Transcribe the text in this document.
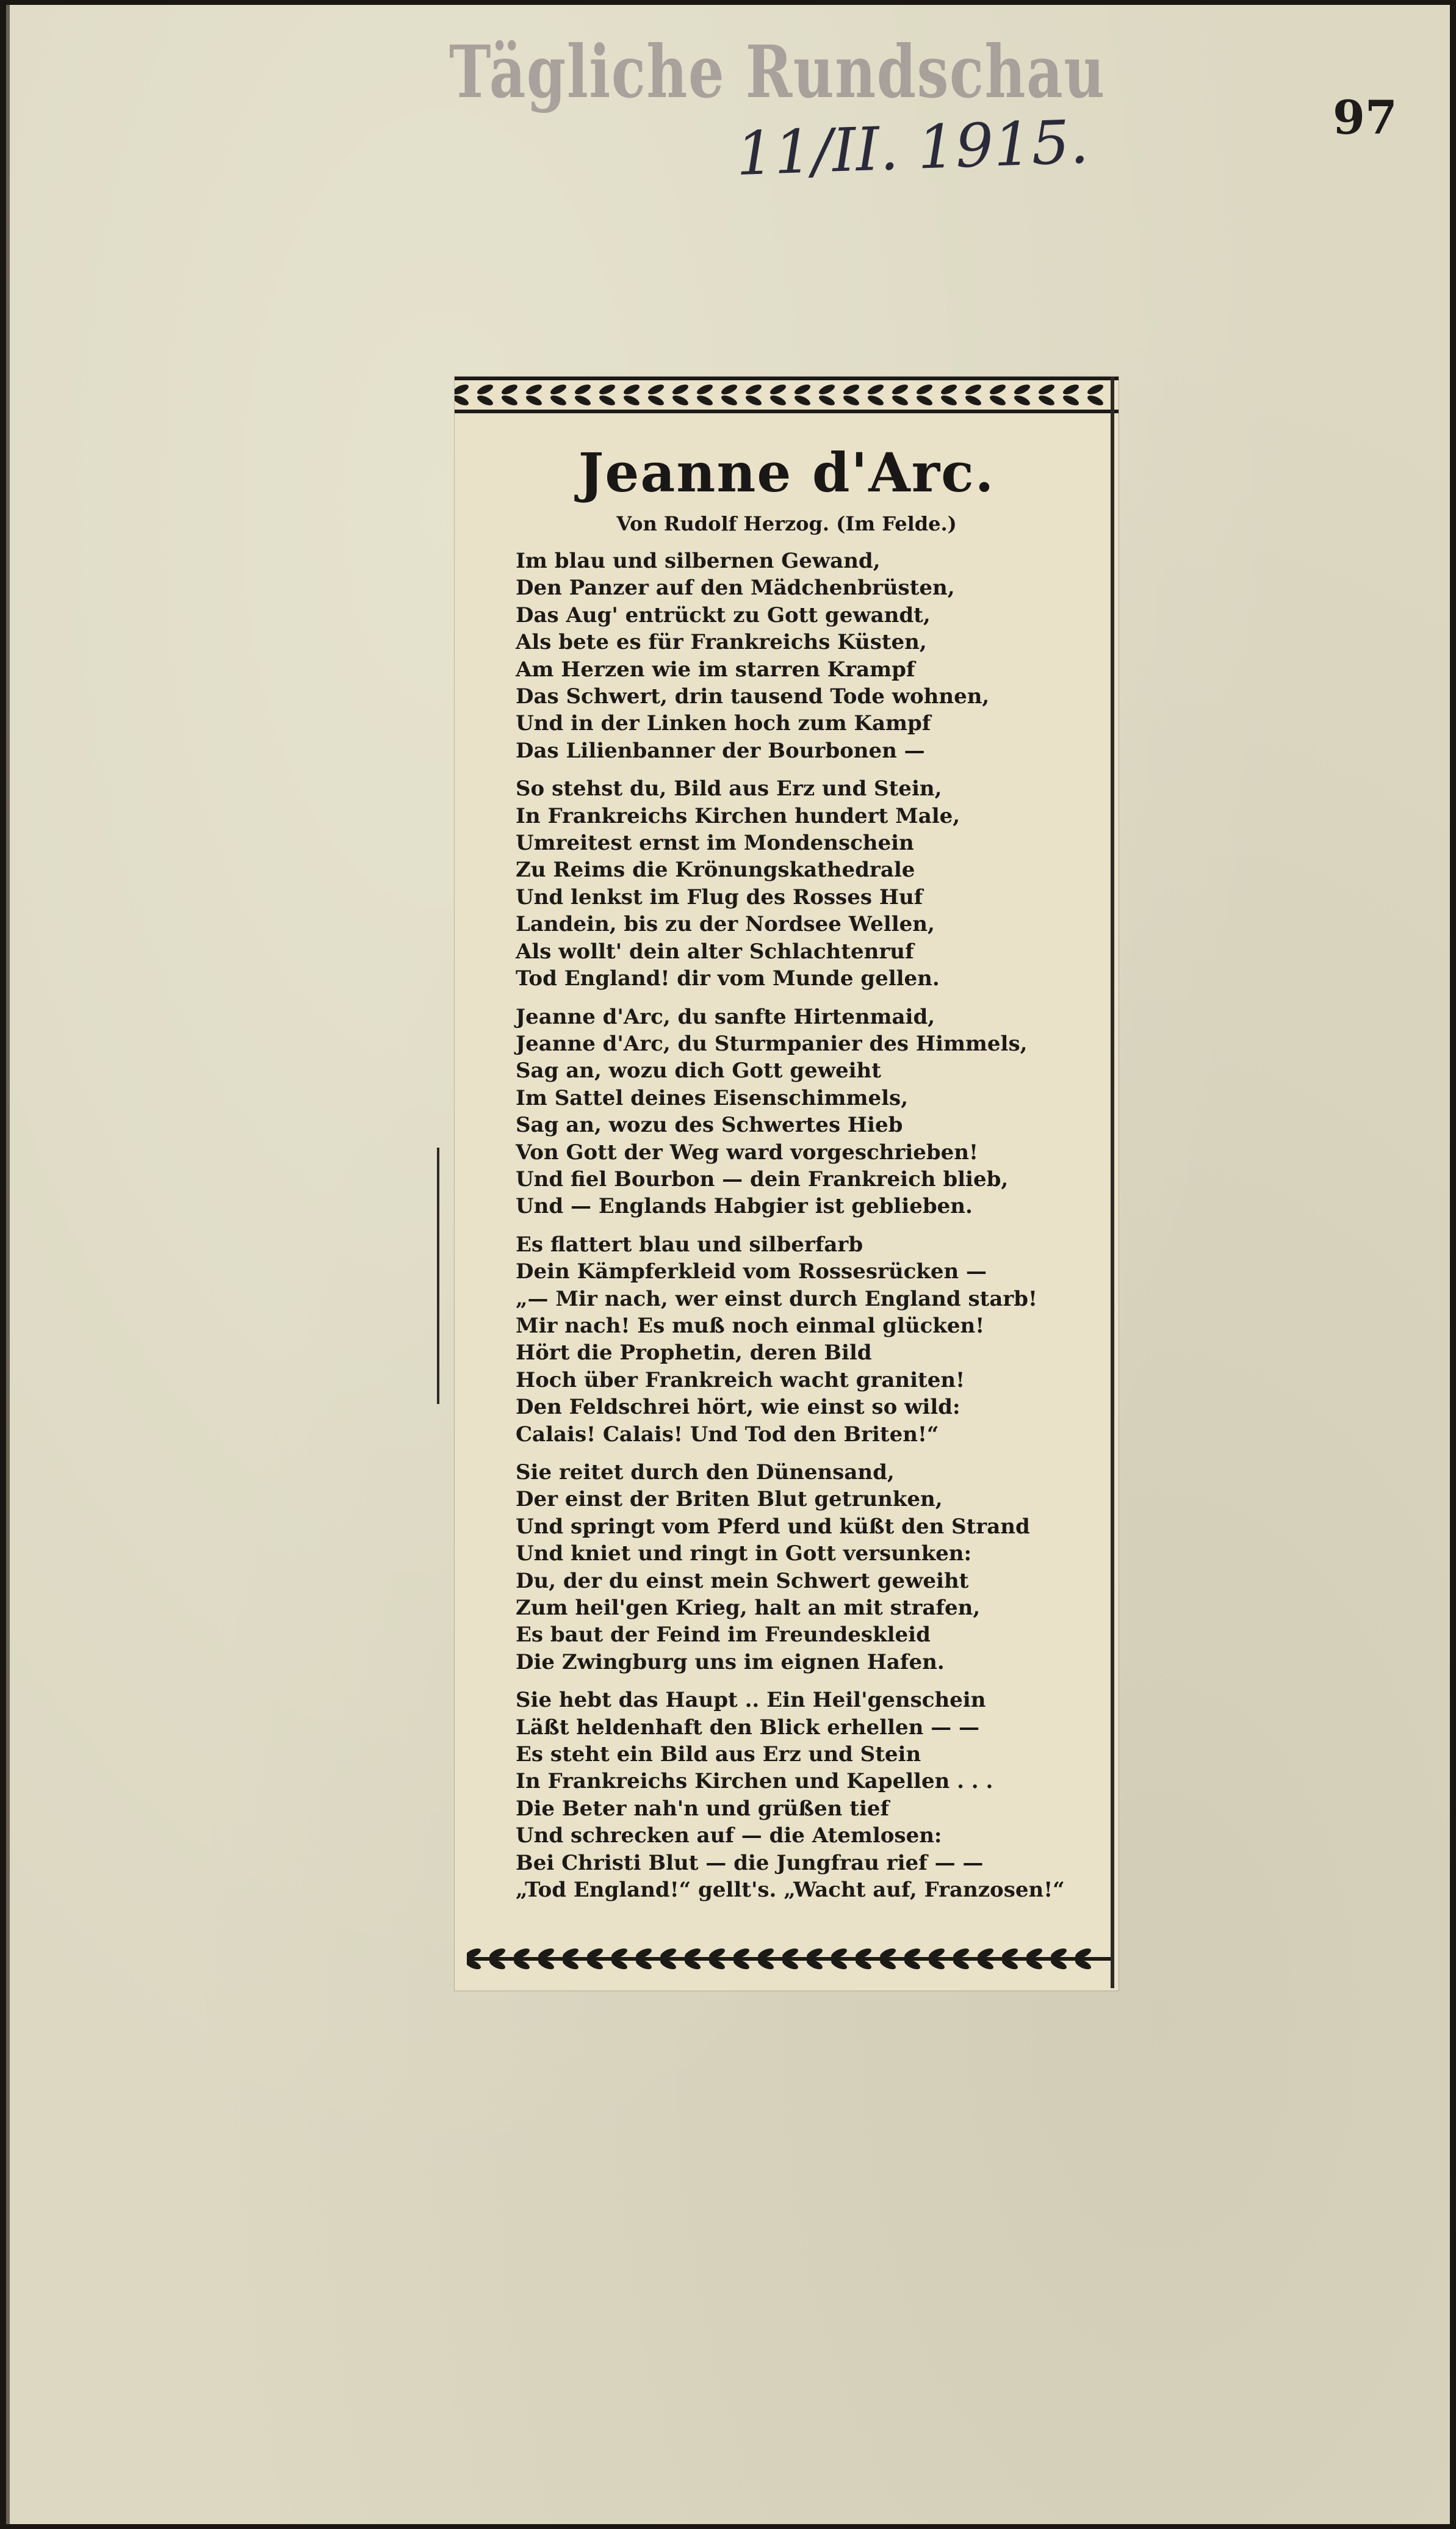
Tägliche Rundschau
11/II. 1915.	97
Jeanne d'Arc.
Von Rudolf Herzog. (Im Felde.)
Im blau und silbernen Gewand,
Den Panzer auf den Mädchenbrüsten,
Das Aug' entrückt zu Gott gewandt,
Als bete es für Frankreichs Küsten,
Am Herzen wie im starren Krampf
Das Schwert, drin tausend Tode wohnen,
Und in der Linken hoch zum Kampf
Das Lilienbanner der Bourbonen —
So stehst du, Bild aus Erz und Stein,
In Frankreichs Kirchen hundert Male,
Umreitest ernst im Mondenschein
Zu Reims die Krönungskathedrale
Und lenkst im Flug des Rosses Huf
Landein, bis zu der Nordsee Wellen,
Als wollt' dein alter Schlachtenruf
Tod England! dir vom Munde gellen.
Jeanne d'Arc, du sanfte Hirtenmaid,
Jeanne d'Arc, du Sturmpanier des Himmels,
Sag an, wozu dich Gott geweiht
Im Sattel deines Eisenschimmels,
Sag an, wozu des Schwertes Hieb
Von Gott der Weg ward vorgeschrieben!
Und fiel Bourbon — dein Frankreich blieb,
Und — Englands Habgier ist geblieben.
Es flattert blau und silberfarb
Dein Kämpferkleid vom Rossesrücken —
„— Mir nach, wer einst durch England starb!
Mir nach! Es muß noch einmal glücken!
Hört die Prophetin, deren Bild
Hoch über Frankreich wacht graniten!
Den Feldschrei hört, wie einst so wild:
Calais! Calais! Und Tod den Briten!“
Sie reitet durch den Dünensand,
Der einst der Briten Blut getrunken,
Und springt vom Pferd und küßt den Strand
Und kniet und ringt in Gott versunken:
Du, der du einst mein Schwert geweiht
Zum heil'gen Krieg, halt an mit strafen,
Es baut der Feind im Freundeskleid
Die Zwingburg uns im eignen Hafen.
Sie hebt das Haupt .. Ein Heil'genschein
Läßt heldenhaft den Blick erhellen — —
Es steht ein Bild aus Erz und Stein
In Frankreichs Kirchen und Kapellen . . .
Die Beter nah'n und grüßen tief
Und schrecken auf — die Atemlosen:
Bei Christi Blut — die Jungfrau rief — —
„Tod England!“ gellt's. „Wacht auf, Franzosen!“
